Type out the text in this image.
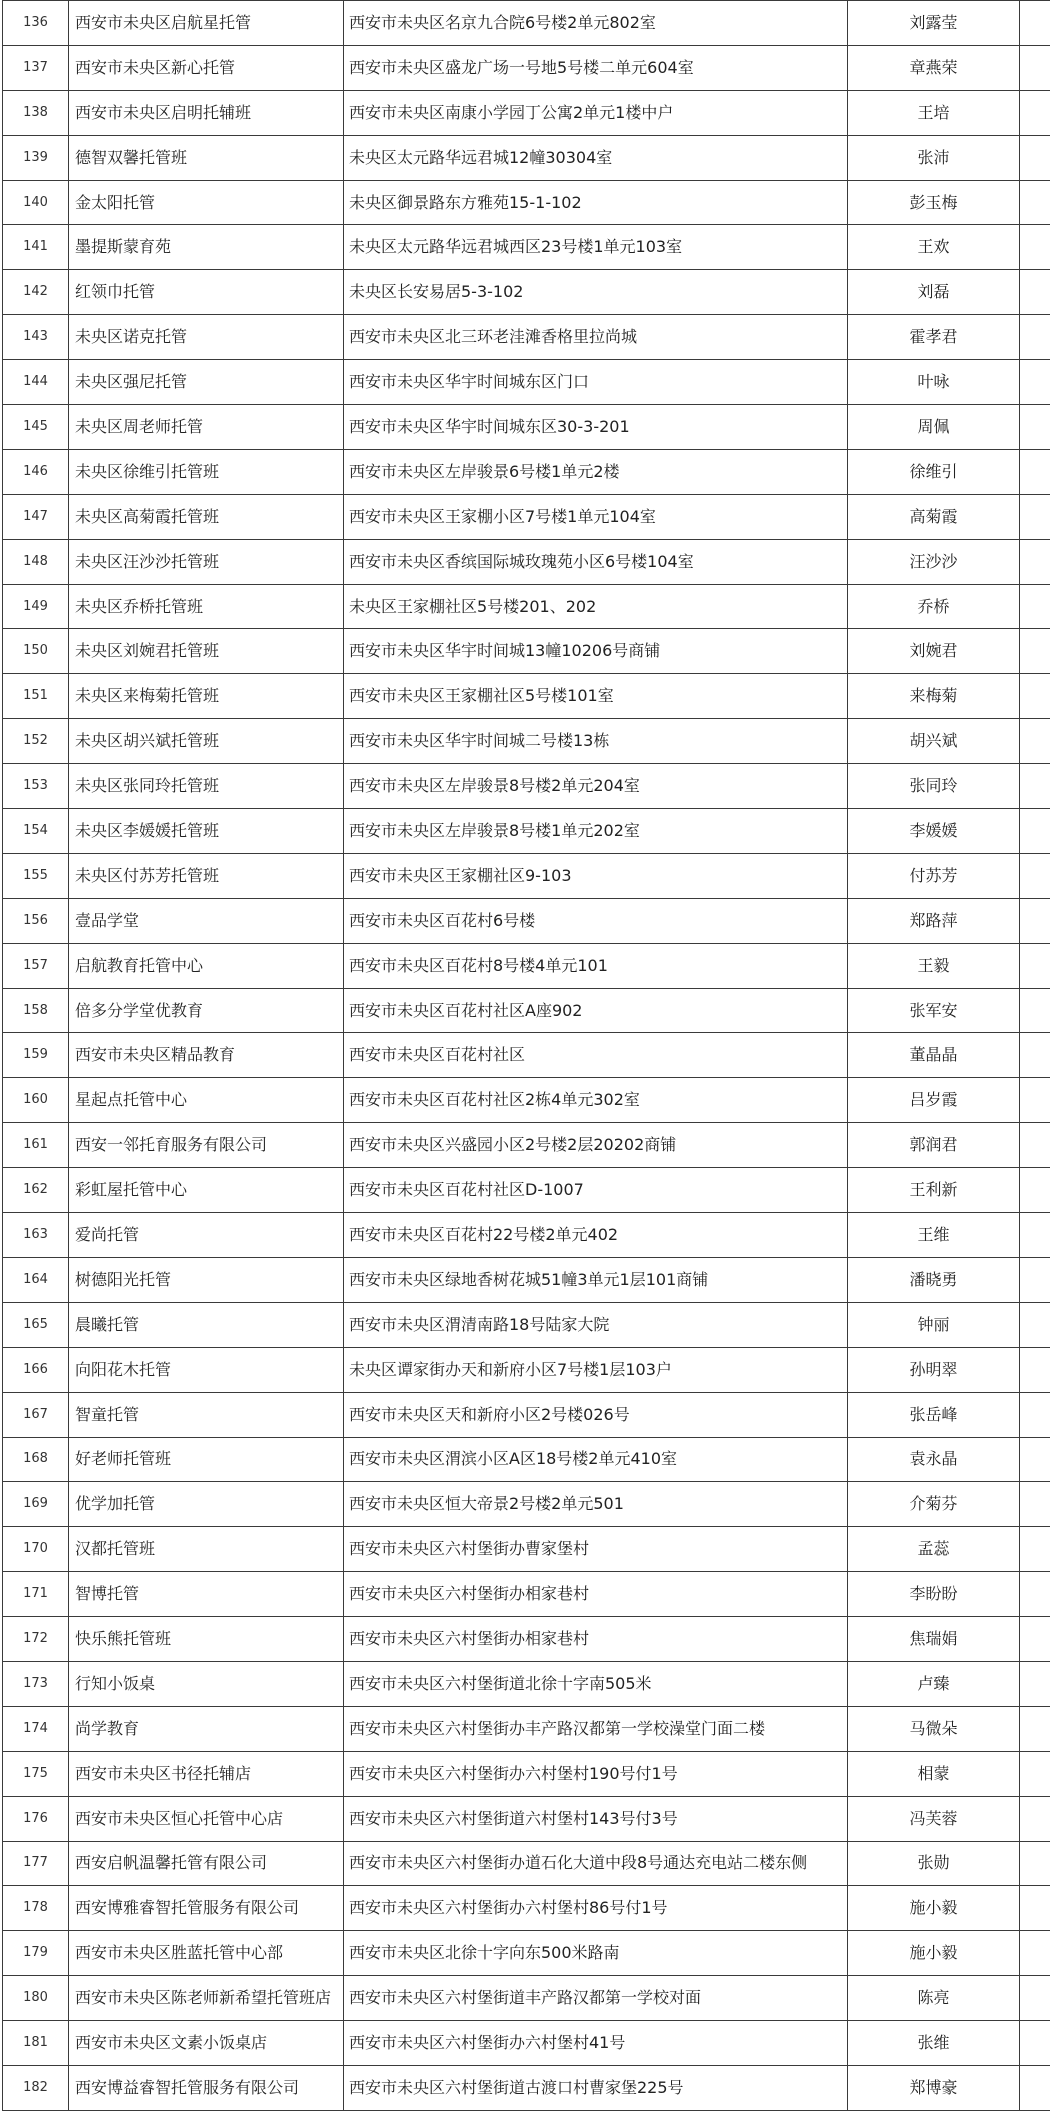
136	西安市未央区启航星托管	西安市未央区名京九合院6号楼2单元802室	刘露莹	
137	西安市未央区新心托管	西安市未央区盛龙广场一号地5号楼二单元604室	章燕荣	
138	西安市未央区启明托辅班	西安市未央区南康小学园丁公寓2单元1楼中户	王培	
139	德智双馨托管班	未央区太元路华远君城12幢30304室	张沛	
140	金太阳托管	未央区御景路东方雅苑15-1-102	彭玉梅	
141	墨提斯蒙育苑	未央区太元路华远君城西区23号楼1单元103室	王欢	
142	红领巾托管	未央区长安易居5-3-102	刘磊	
143	未央区诺克托管	西安市未央区北三环老洼滩香格里拉尚城	霍孝君	
144	未央区强尼托管	西安市未央区华宇时间城东区门口	叶咏	
145	未央区周老师托管	西安市未央区华宇时间城东区30-3-201	周佩	
146	未央区徐维引托管班	西安市未央区左岸骏景6号楼1单元2楼	徐维引	
147	未央区高菊霞托管班	西安市未央区王家棚小区7号楼1单元104室	高菊霞	
148	未央区汪沙沙托管班	西安市未央区香缤国际城玫瑰苑小区6号楼104室	汪沙沙	
149	未央区乔桥托管班	未央区王家棚社区5号楼201、202	乔桥	
150	未央区刘婉君托管班	西安市未央区华宇时间城13幢10206号商铺	刘婉君	
151	未央区来梅菊托管班	西安市未央区王家棚社区5号楼101室	来梅菊	
152	未央区胡兴斌托管班	西安市未央区华宇时间城二号楼13栋	胡兴斌	
153	未央区张同玲托管班	西安市未央区左岸骏景8号楼2单元204室	张同玲	
154	未央区李媛媛托管班	西安市未央区左岸骏景8号楼1单元202室	李媛媛	
155	未央区付苏芳托管班	西安市未央区王家棚社区9-103	付苏芳	
156	壹品学堂	西安市未央区百花村6号楼	郑路萍	
157	启航教育托管中心	西安市未央区百花村8号楼4单元101	王毅	
158	倍多分学堂优教育	西安市未央区百花村社区A座902	张军安	
159	西安市未央区精品教育	西安市未央区百花村社区	董晶晶	
160	星起点托管中心	西安市未央区百花村社区2栋4单元302室	吕岁霞	
161	西安一邻托育服务有限公司	西安市未央区兴盛园小区2号楼2层20202商铺	郭润君	
162	彩虹屋托管中心	西安市未央区百花村社区D-1007	王利新	
163	爱尚托管	西安市未央区百花村22号楼2单元402	王维	
164	树德阳光托管	西安市未央区绿地香树花城51幢3单元1层101商铺	潘晓勇	
165	晨曦托管	西安市未央区渭清南路18号陆家大院	钟丽	
166	向阳花木托管	未央区谭家街办天和新府小区7号楼1层103户	孙明翠	
167	智童托管	西安市未央区天和新府小区2号楼026号	张岳峰	
168	好老师托管班	西安市未央区渭滨小区A区18号楼2单元410室	袁永晶	
169	优学加托管	西安市未央区恒大帝景2号楼2单元501	介菊芬	
170	汉都托管班	西安市未央区六村堡街办曹家堡村	孟蕊	
171	智博托管	西安市未央区六村堡街办相家巷村	李盼盼	
172	快乐熊托管班	西安市未央区六村堡街办相家巷村	焦瑞娟	
173	行知小饭桌	西安市未央区六村堡街道北徐十字南505米	卢臻	
174	尚学教育	西安市未央区六村堡街办丰产路汉都第一学校澡堂门面二楼	马微朵	
175	西安市未央区书径托辅店	西安市未央区六村堡街办六村堡村190号付1号	相蒙	
176	西安市未央区恒心托管中心店	西安市未央区六村堡街道六村堡村143号付3号	冯芙蓉	
177	西安启帆温馨托管有限公司	西安市未央区六村堡街办道石化大道中段8号通达充电站二楼东侧	张勋	
178	西安博雅睿智托管服务有限公司	西安市未央区六村堡街办六村堡村86号付1号	施小毅	
179	西安市未央区胜蓝托管中心部	西安市未央区北徐十字向东500米路南	施小毅	
180	西安市未央区陈老师新希望托管班店	西安市未央区六村堡街道丰产路汉都第一学校对面	陈亮	
181	西安市未央区文素小饭桌店	西安市未央区六村堡街办六村堡村41号	张维	
182	西安博益睿智托管服务有限公司	西安市未央区六村堡街道古渡口村曹家堡225号	郑博豪	
